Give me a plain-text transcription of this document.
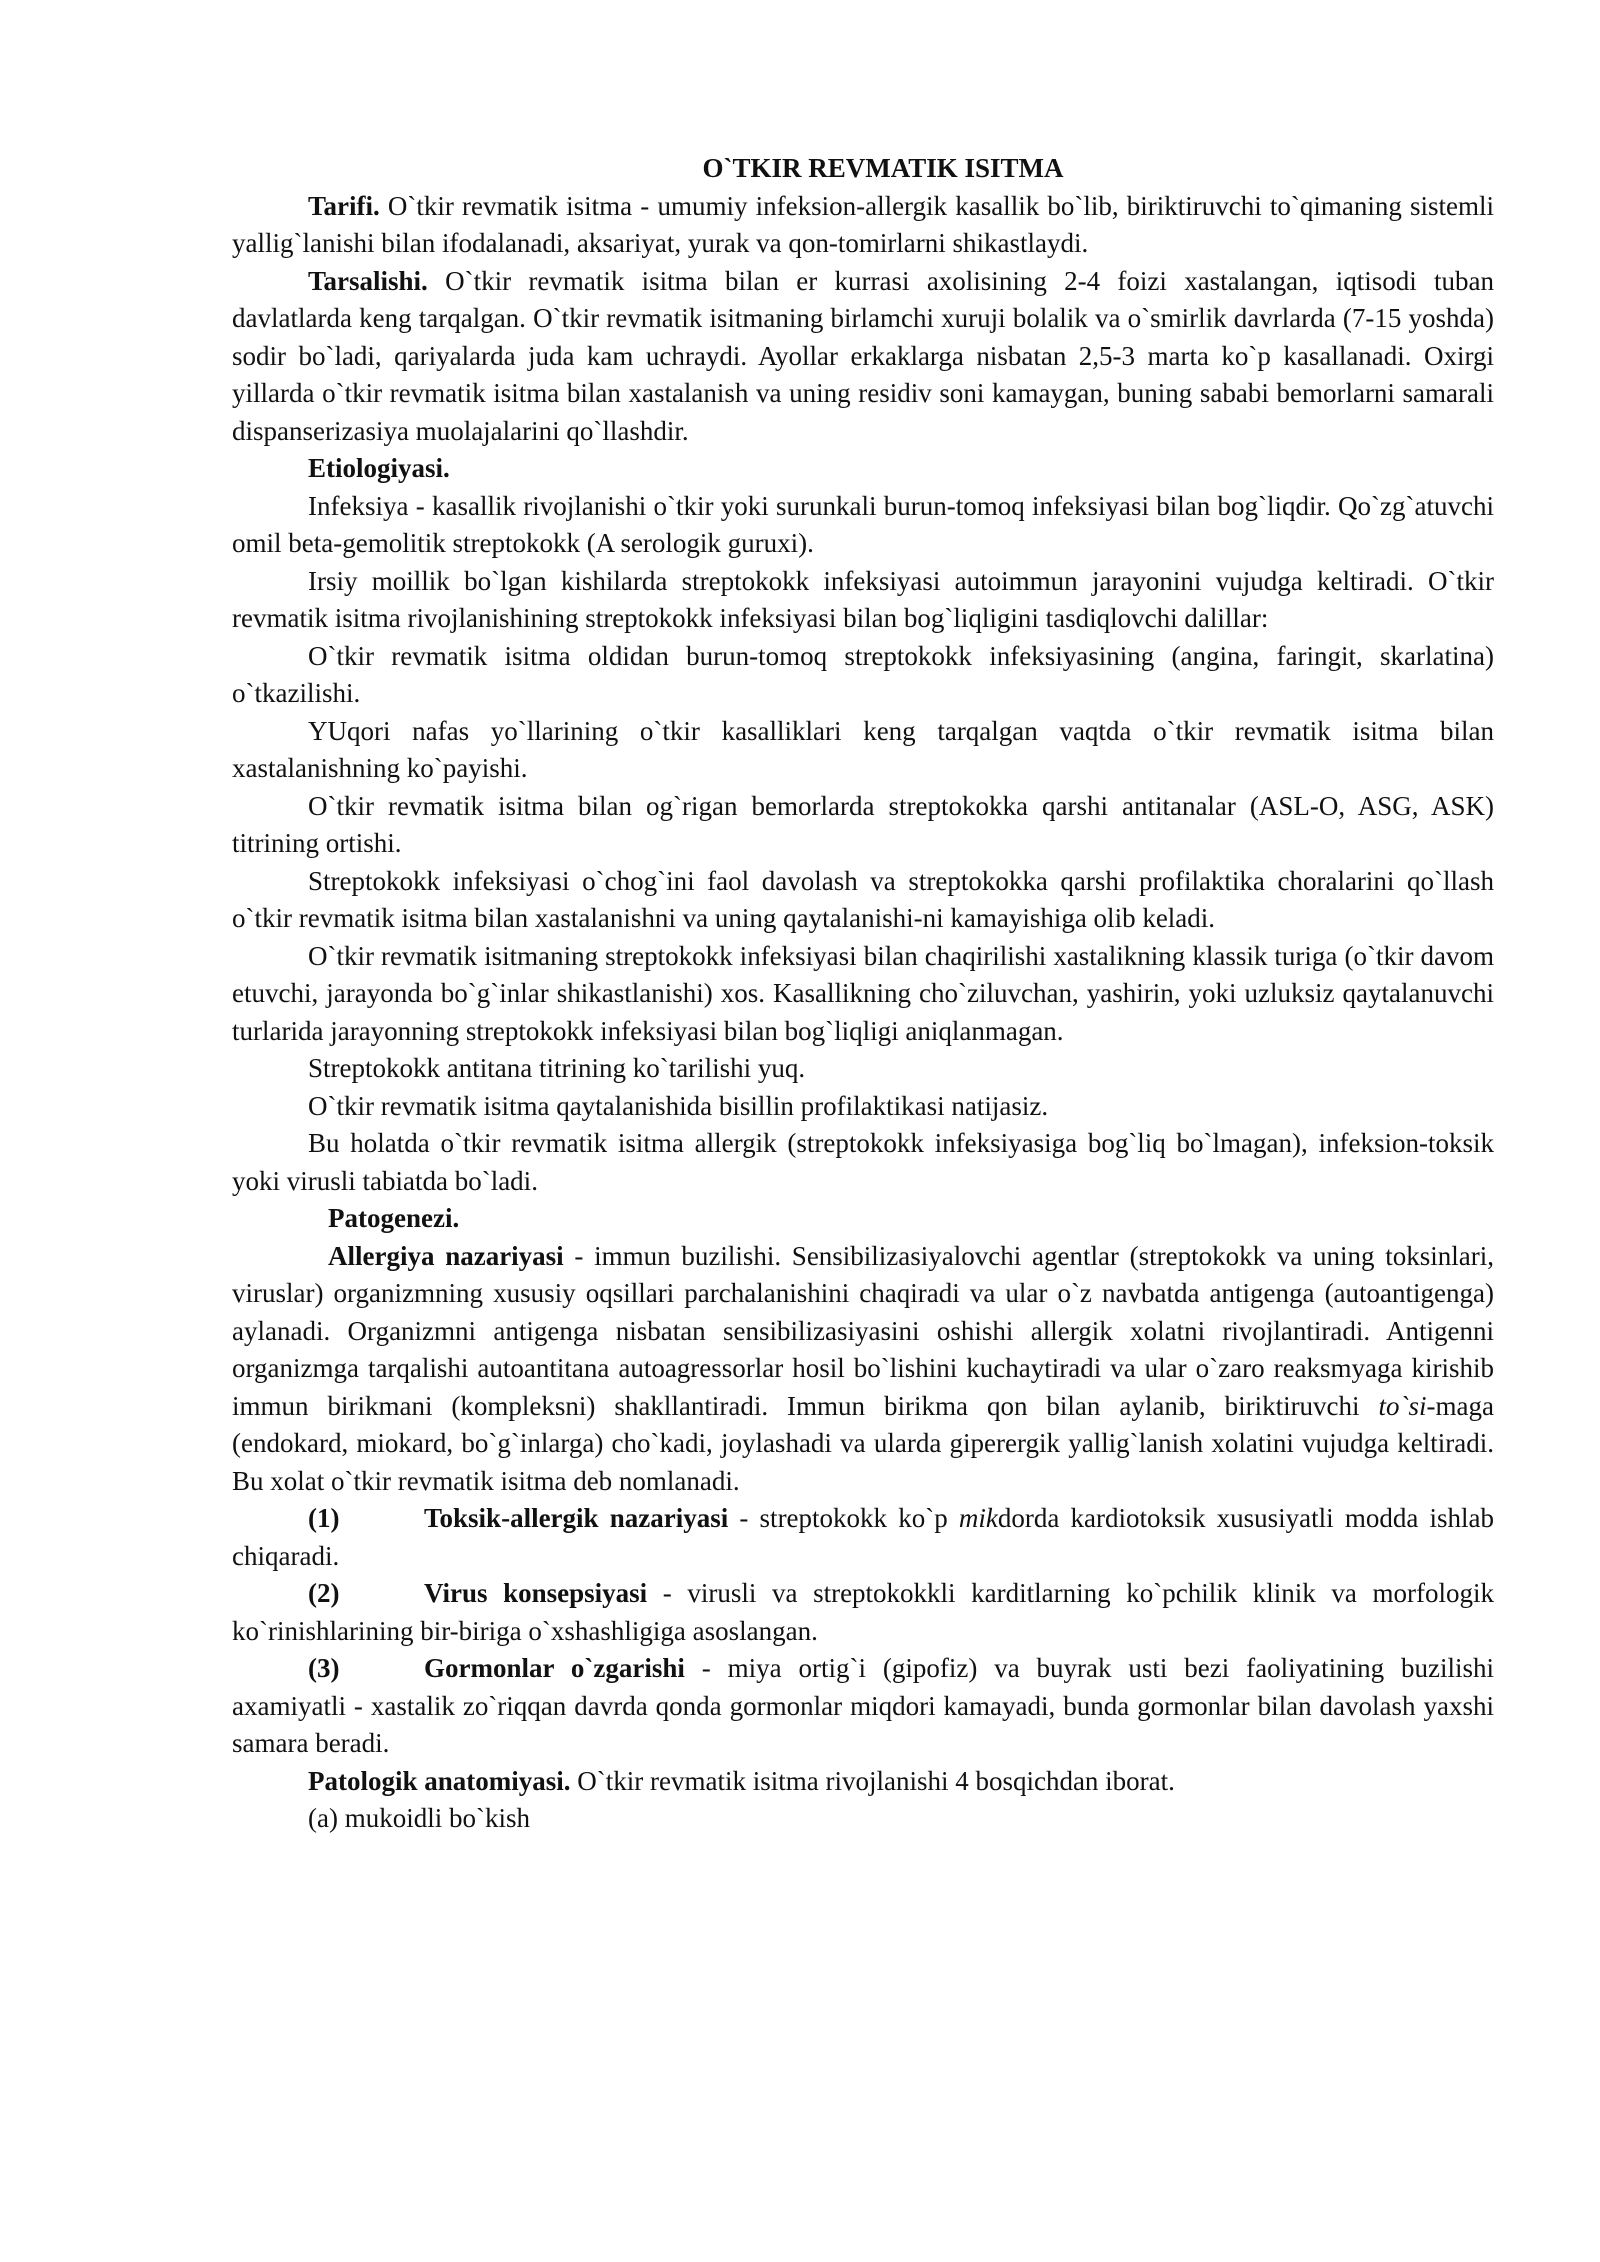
O`TKIR REVMATIK ISITMA

Tarifi. O`tkir revmatik isitma - umumiy infeksion-allergik kasallik bo`lib, biriktiruvchi to`qimaning sistemli yallig`lanishi bilan ifodalanadi, aksariyat, yurak va qon-tomirlarni shikastlaydi.

Tarsalishi. O`tkir revmatik isitma bilan er kurrasi axolisining 2-4 foizi xastalangan, iqtisodi tuban davlatlarda keng tarqalgan. O`tkir revmatik isitmaning birlamchi xuruji bolalik va o`smirlik davrlarda (7-15 yoshda) sodir bo`ladi, qariyalarda juda kam uchraydi. Ayollar erkaklarga nisbatan 2,5-3 marta ko`p kasallanadi. Oxirgi yillarda o`tkir revmatik isitma bilan xastalanish va uning residiv soni kamaygan, buning sababi bemorlarni samarali dispanserizasiya muolajalarini qo`llashdir.

Etiologiyasi.

Infeksiya - kasallik rivojlanishi o`tkir yoki surunkali burun-tomoq infeksiyasi bilan bog`liqdir. Qo`zg`atuvchi omil beta-gemolitik streptokokk (A serologik guruxi).

Irsiy moillik bo`lgan kishilarda streptokokk infeksiyasi autoimmun jarayonini vujudga keltiradi. O`tkir revmatik isitma rivojlanishining streptokokk infeksiyasi bilan bog`liqligini tasdiqlovchi dalillar:

O`tkir revmatik isitma oldidan burun-tomoq streptokokk infeksiyasining (angina, faringit, skarlatina) o`tkazilishi.

YUqori nafas yo`llarining o`tkir kasalliklari keng tarqalgan vaqtda o`tkir revmatik isitma bilan xastalanishning ko`payishi.

O`tkir revmatik isitma bilan og`rigan bemorlarda streptokokka qarshi antitanalar (ASL-O, ASG, ASK) titrining ortishi.

Streptokokk infeksiyasi o`chog`ini faol davolash va streptokokka qarshi profilaktika choralarini qo`llash o`tkir revmatik isitma bilan xastalanishni va uning qaytalanishi-ni kamayishiga olib keladi.

O`tkir revmatik isitmaning streptokokk infeksiyasi bilan chaqirilishi xastalikning klassik turiga (o`tkir davom etuvchi, jarayonda bo`g`inlar shikastlanishi) xos. Kasallikning cho`ziluvchan, yashirin, yoki uzluksiz qaytalanuvchi turlarida jarayonning streptokokk infeksiyasi bilan bog`liqligi aniqlanmagan.

Streptokokk antitana titrining ko`tarilishi yuq.

O`tkir revmatik isitma qaytalanishida bisillin profilaktikasi natijasiz.

Bu holatda o`tkir revmatik isitma allergik (streptokokk infeksiyasiga bog`liq bo`lmagan), infeksion-toksik yoki virusli tabiatda bo`ladi.

Patogenezi.

Allergiya nazariyasi - immun buzilishi. Sensibilizasiyalovchi agentlar (streptokokk va uning toksinlari, viruslar) organizmning xususiy oqsillari parchalanishini chaqiradi va ular o`z navbatda antigenga (autoantigenga) aylanadi. Organizmni antigenga nisbatan sensibilizasiyasini oshishi allergik xolatni rivojlantiradi. Antigenni organizmga tarqalishi autoantitana autoagressorlar hosil bo`lishini kuchaytiradi va ular o`zaro reaksmyaga kirishib immun birikmani (kompleksni) shakllantiradi. Immun birikma qon bilan aylanib, biriktiruvchi to`si-maga (endokard, miokard, bo`g`inlarga) cho`kadi, joylashadi va ularda giperergik yallig`lanish xolatini vujudga keltiradi. Bu xolat o`tkir revmatik isitma deb nomlanadi.

(1)	Toksik-allergik nazariyasi - streptokokk ko`p mikdorda kardiotoksik xususiyatli modda ishlab chiqaradi.

(2)	Virus konsepsiyasi - virusli va streptokokkli karditlarning ko`pchilik klinik va morfologik ko`rinishlarining bir-biriga o`xshashligiga asoslangan.

(3)	Gormonlar o`zgarishi - miya ortig`i (gipofiz) va buyrak usti bezi faoliyatining buzilishi axamiyatli - xastalik zo`riqqan davrda qonda gormonlar miqdori kamayadi, bunda gormonlar bilan davolash yaxshi samara beradi.

Patologik anatomiyasi. O`tkir revmatik isitma rivojlanishi 4 bosqichdan iborat.

(a) mukoidli bo`kish
